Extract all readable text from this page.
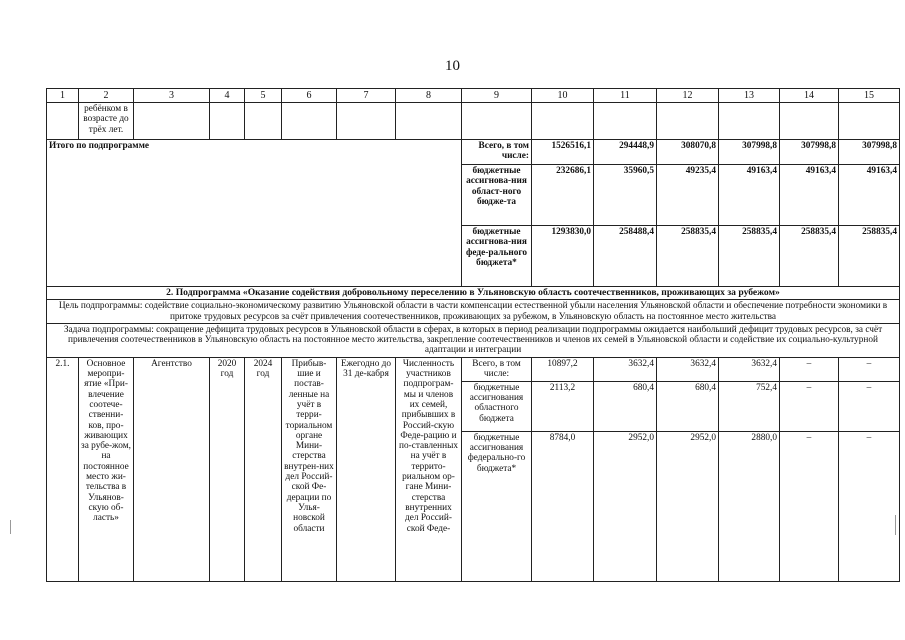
10
1	2	3	4	5	6	7	8	9	10	11	12	13	14	15
	ребёнком в возрасте до трёх лет.													
Итого по подпрограмме								Всего, в том числе:	1526516,1	294448,9	308070,8	307998,8	307998,8	307998,8
								бюджетные ассигнова-ния област-ного бюдже-та	232686,1	35960,5	49235,4	49163,4	49163,4	49163,4
								бюджетные ассигнова-ния феде-рального бюджета*	1293830,0	258488,4	258835,4	258835,4	258835,4	258835,4
2. Подпрограмма «Оказание содействия добровольному переселению в Ульяновскую область соотечественников, проживающих за рубежом»														
Цель подпрограммы: содействие социально-экономическому развитию Ульяновской области в части компенсации естественной убыли населения Ульяновской области и обеспечение потребности экономики в притоке трудовых ресурсов за счёт привлечения соотечественников, проживающих за рубежом, в Ульяновскую область на постоянное место жительства														
Задача подпрограммы: сокращение дефицита трудовых ресурсов в Ульяновской области в сферах, в которых в период реализации подпрограммы ожидается наибольший дефицит трудовых ресурсов, за счёт привлечения соотечественников в Ульяновскую область на постоянное место жительства, закрепление соотечественников и членов их семей в Ульяновской области и содействие их социально-культурной адаптации и интеграции														
2.1.	Основное меропри-ятие «При-влечение соотече-ственни-ков, про-живающих за рубе-жом, на постоянное место жи-тельства в Ульянов-скую об-ласть»	Агентство	2020 год	2024 год	Прибыв-шие и постав-ленные на учёт в терри-ториальном органе Мини-стерства внутрен-них дел Россий-ской Фе-дерации по Улья-новской области	Ежегодно до 31 де-кабря	Численность участников подпрограм-мы и членов их семей, прибывших в Россий-скую Феде-рацию и по-ставленных на учёт в террито-риальном ор-гане Мини-стерства внутренних дел Россий-ской Феде-	Всего, в том числе:	10897,2	3632,4	3632,4	3632,4	–	–
								бюджетные ассигнования областного бюджета	2113,2	680,4	680,4	752,4	–	–
								бюджетные ассигнования федерально-го бюджета*	8784,0	2952,0	2952,0	2880,0	–	–
